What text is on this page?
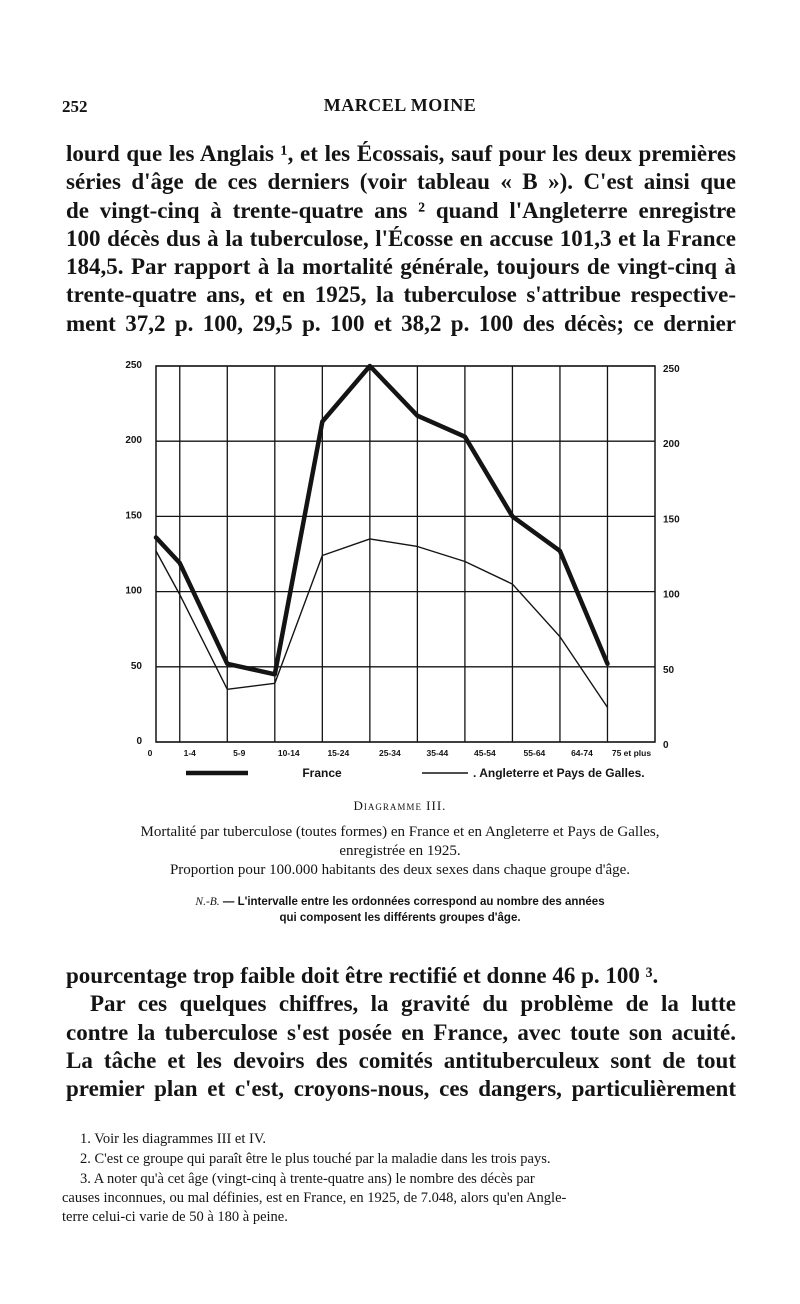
252	MARCEL MOINE
lourd que les Anglais ¹, et les Écossais, sauf pour les deux premières
séries d'âge de ces derniers (voir tableau « B »). C'est ainsi que
de vingt-cinq à trente-quatre ans ² quand l'Angleterre enregistre
100 décès dus à la tuberculose, l'Écosse en accuse 101,3 et la France
184,5. Par rapport à la mortalité générale, toujours de vingt-cinq à
trente-quatre ans, et en 1925, la tuberculose s'attribue respective-
ment 37,2 p. 100, 29,5 p. 100 et 38,2 p. 100 des décès; ce dernier
0	0
50	50
100	100
150	150
200	200
250	250
0	1-4	5-9	10-14	15-24	25-34	35-44	45-54	55-64	64-74 75 et plus
France	. Angleterre et Pays de Galles.
Diagramme III.
Mortalité par tuberculose (toutes formes) en France et en Angleterre et Pays de Galles,
enregistrée en 1925.
Proportion pour 100.000 habitants des deux sexes dans chaque groupe d'âge.
N.-B. — L'intervalle entre les ordonnées correspond au nombre des années
qui composent les différents groupes d'âge.
pourcentage trop faible doit être rectifié et donne 46 p. 100 ³.
Par ces quelques chiffres, la gravité du problème de la lutte
contre la tuberculose s'est posée en France, avec toute son acuité.
La tâche et les devoirs des comités antituberculeux sont de tout
premier plan et c'est, croyons-nous, ces dangers, particulièrement
1. Voir les diagrammes III et IV.
2. C'est ce groupe qui paraît être le plus touché par la maladie dans les trois pays.
3. A noter qu'à cet âge (vingt-cinq à trente-quatre ans) le nombre des décès par
causes inconnues, ou mal définies, est en France, en 1925, de 7.048, alors qu'en Angle-
terre celui-ci varie de 50 à 180 à peine.
